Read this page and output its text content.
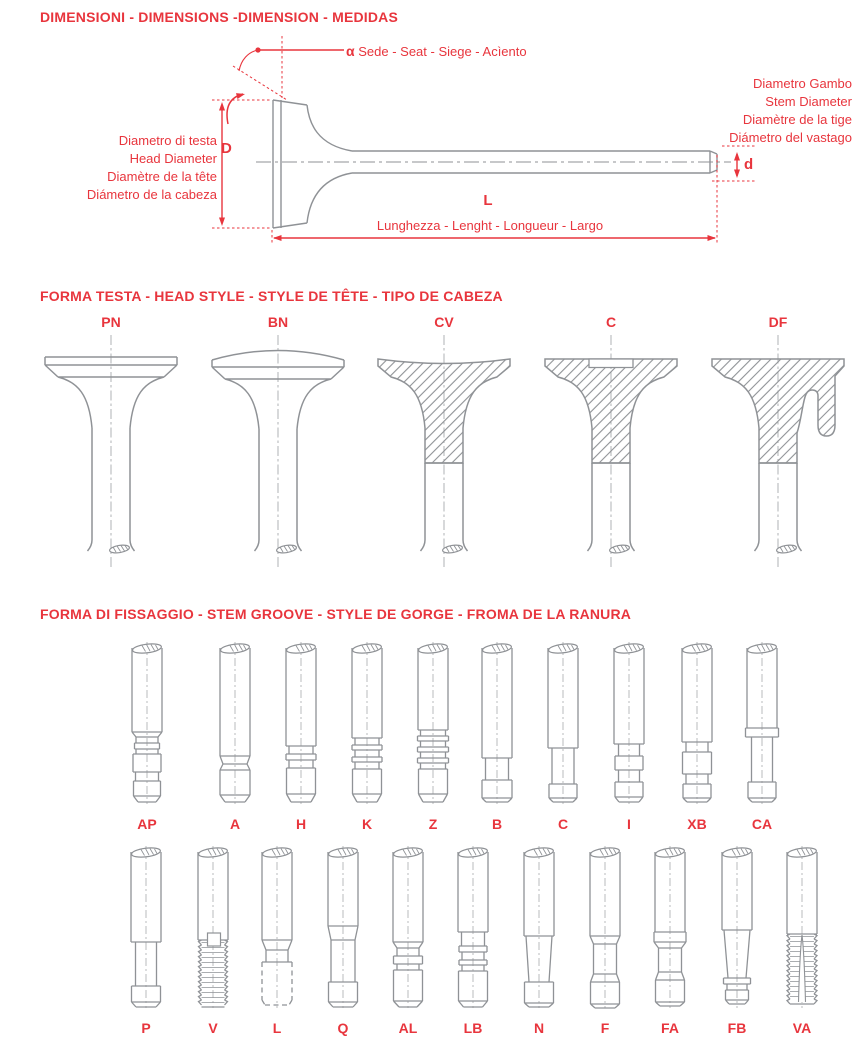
DIMENSIONI - DIMENSIONS -DIMENSION - MEDIDAS
α Sede - Seat - Siege - Acìento
Diametro di testa
Head Diameter
Diamètre de la tête
Diámetro de la cabeza
D
Diametro Gambo
Stem Diameter
Diamètre de la tige
Diámetro del vastago
d
L
Lunghezza - Lenght - Longueur - Largo
FORMA TESTA - HEAD STYLE - STYLE DE TÊTE - TIPO DE CABEZA
FORMA DI FISSAGGIO - STEM GROOVE - STYLE DE GORGE - FROMA DE LA RANURA
PN	BN	CV	C	DF
AP	A	H	K	Z	B	C	I	XB	CA
P	V	L	Q	AL	LB	N	F	FA	FB	VA
